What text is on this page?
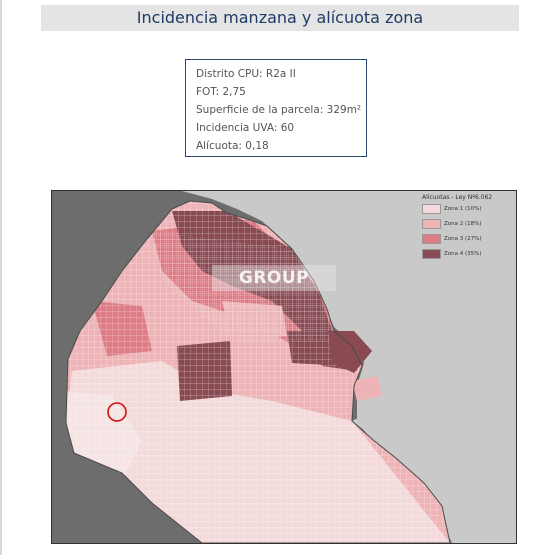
Incidencia manzana y alícuota zona
Distrito CPU: R2a II
FOT: 2,75
Superficie de la parcela: 329m²
Incidencia UVA: 60
Alícuota: 0,18
Alícuotas - Ley Nº6.062
Zona 1 (10%)
Zona 2 (18%)
Zona 3 (27%)
Zona 4 (35%)
GROUP
